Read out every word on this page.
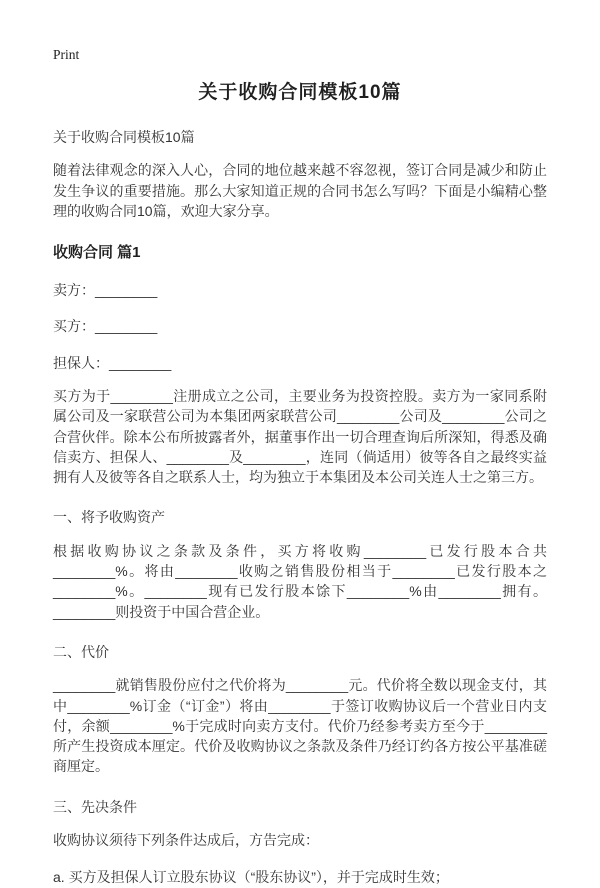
Print
关于收购合同模板10篇

关于收购合同模板10篇

随着法律观念的深入人心，合同的地位越来越不容忽视，签订合同是减少和防止发生争议的重要措施。那么大家知道正规的合同书怎么写吗？下面是小编精心整理的收购合同10篇，欢迎大家分享。

收购合同 篇1

卖方：________

买方：________

担保人：________

买方为于________注册成立之公司，主要业务为投资控股。卖方为一家同系附属公司及一家联营公司为本集团两家联营公司________公司及________公司之合营伙伴。除本公布所披露者外，据董事作出一切合理查询后所深知，得悉及确信卖方、担保人、________及________，连同（倘适用）彼等各自之最终实益拥有人及彼等各自之联系人士，均为独立于本集团及本公司关连人士之第三方。

一、将予收购资产

根据收购协议之条款及条件，买方将收购________已发行股本合共________%。将由________收购之销售股份相当于________已发行股本之________%。________现有已发行股本馀下________%由________拥有。________则投资于中国合营企业。

二、代价

________就销售股份应付之代价将为________元。代价将全数以现金支付，其中________%订金（“订金”）将由________于签订收购协议后一个营业日内支付，余额________%于完成时向卖方支付。代价乃经参考卖方至今于________所产生投资成本厘定。代价及收购协议之条款及条件乃经订约各方按公平基准磋商厘定。

三、先决条件

收购协议须待下列条件达成后，方告完成：

a. 买方及担保人订立股东协议（“股东协议”），并于完成时生效；
